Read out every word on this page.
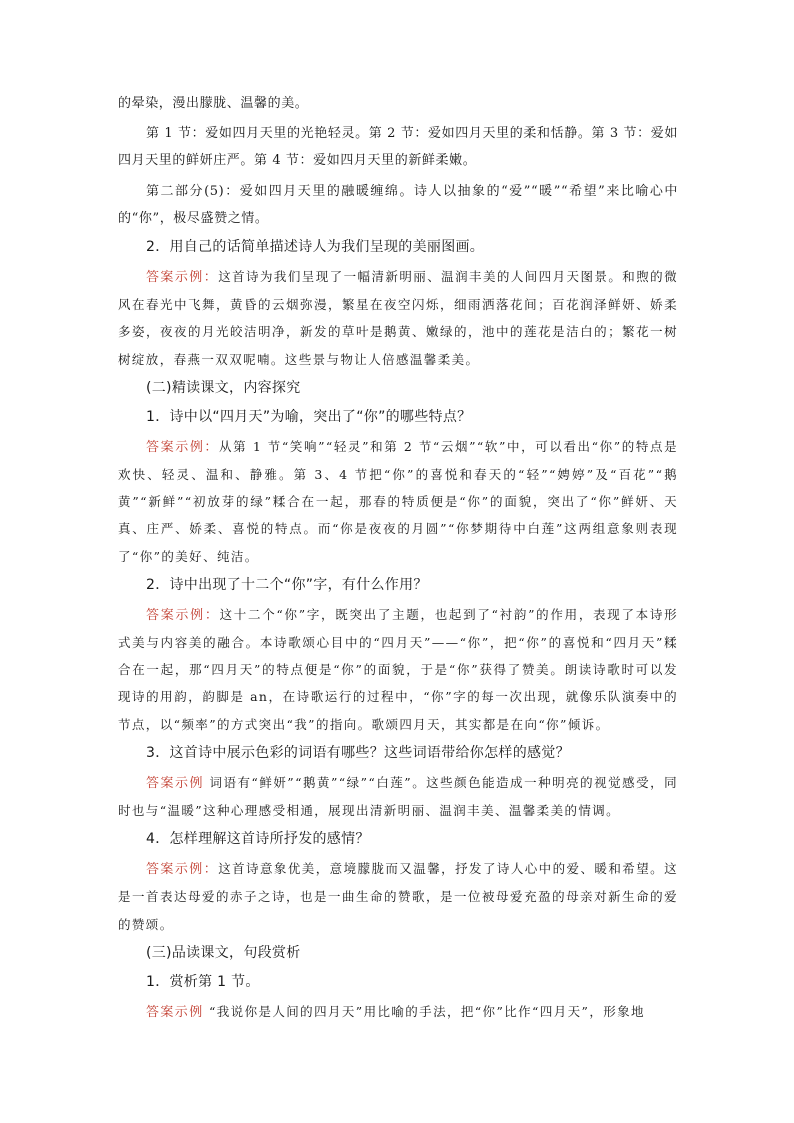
的晕染，漫出朦胧、温馨的美。

第 1 节：爱如四月天里的光艳轻灵。第 2 节：爱如四月天里的柔和恬静。第 3 节：爱如四月天里的鲜妍庄严。第 4 节：爱如四月天里的新鲜柔嫩。

第二部分(5)：爱如四月天里的融暖缠绵。诗人以抽象的“爱”“暖”“希望”来比喻心中的“你”，极尽盛赞之情。

2．用自己的话简单描述诗人为我们呈现的美丽图画。

答案示例：这首诗为我们呈现了一幅清新明丽、温润丰美的人间四月天图景。和煦的微风在春光中飞舞，黄昏的云烟弥漫，繁星在夜空闪烁，细雨洒落花间；百花润泽鲜妍、娇柔多姿，夜夜的月光皎洁明净，新发的草叶是鹅黄、嫩绿的，池中的莲花是洁白的；繁花一树树绽放，春燕一双双呢喃。这些景与物让人倍感温馨柔美。

(二)精读课文，内容探究

1．诗中以“四月天”为喻，突出了“你”的哪些特点？

答案示例：从第 1 节“笑响”“轻灵”和第 2 节“云烟”“软”中，可以看出“你”的特点是欢快、轻灵、温和、静雅。第 3、4 节把“你”的喜悦和春天的“轻”“娉婷”及“百花”“鹅黄”“新鲜”“初放芽的绿”糅合在一起，那春的特质便是“你”的面貌，突出了“你”鲜妍、天真、庄严、娇柔、喜悦的特点。而“你是夜夜的月圆”“你梦期待中白莲”这两组意象则表现了“你”的美好、纯洁。

2．诗中出现了十二个“你”字，有什么作用？

答案示例：这十二个“你”字，既突出了主题，也起到了“衬韵”的作用，表现了本诗形式美与内容美的融合。本诗歌颂心目中的“四月天”——“你”，把“你”的喜悦和“四月天”糅合在一起，那“四月天”的特点便是“你”的面貌，于是“你”获得了赞美。朗读诗歌时可以发现诗的用韵，韵脚是 an，在诗歌运行的过程中，“你”字的每一次出现，就像乐队演奏中的节点，以“频率”的方式突出“我”的指向。歌颂四月天，其实都是在向“你”倾诉。

3．这首诗中展示色彩的词语有哪些？这些词语带给你怎样的感觉？

答案示例 词语有“鲜妍”“鹅黄”“绿”“白莲”。这些颜色能造成一种明亮的视觉感受，同时也与“温暖”这种心理感受相通，展现出清新明丽、温润丰美、温馨柔美的情调。

4．怎样理解这首诗所抒发的感情？

答案示例：这首诗意象优美，意境朦胧而又温馨，抒发了诗人心中的爱、暖和希望。这是一首表达母爱的赤子之诗，也是一曲生命的赞歌，是一位被母爱充盈的母亲对新生命的爱的赞颂。

(三)品读课文，句段赏析

1．赏析第 1 节。

答案示例 “我说你是人间的四月天”用比喻的手法，把“你”比作“四月天”，形象地
